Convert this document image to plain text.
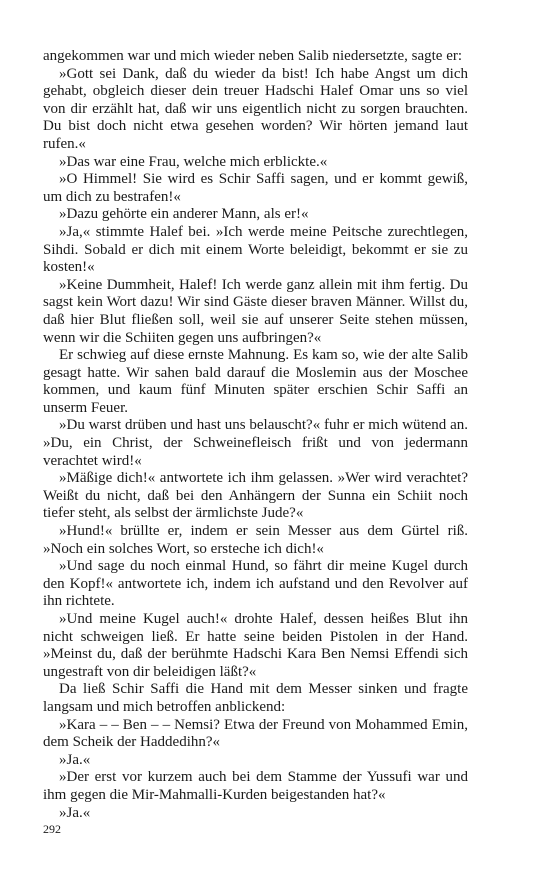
angekommen war und mich wieder neben Salib niedersetzte, sagte er:

»Gott sei Dank, daß du wieder da bist! Ich habe Angst um dich gehabt, obgleich dieser dein treuer Hadschi Halef Omar uns so viel von dir erzählt hat, daß wir uns eigentlich nicht zu sorgen brauchten. Du bist doch nicht etwa gesehen worden? Wir hörten jemand laut rufen.«

»Das war eine Frau, welche mich erblickte.«

»O Himmel! Sie wird es Schir Saffi sagen, und er kommt gewiß, um dich zu bestrafen!«

»Dazu gehörte ein anderer Mann, als er!«

»Ja,« stimmte Halef bei. »Ich werde meine Peitsche zurechtlegen, Sihdi. Sobald er dich mit einem Worte beleidigt, bekommt er sie zu kosten!«

»Keine Dummheit, Halef! Ich werde ganz allein mit ihm fertig. Du sagst kein Wort dazu! Wir sind Gäste dieser braven Männer. Willst du, daß hier Blut fließen soll, weil sie auf unserer Seite stehen müssen, wenn wir die Schiiten gegen uns aufbringen?«

Er schwieg auf diese ernste Mahnung. Es kam so, wie der alte Salib gesagt hatte. Wir sahen bald darauf die Moslemin aus der Moschee kommen, und kaum fünf Minuten später erschien Schir Saffi an unserm Feuer.

»Du warst drüben und hast uns belauscht?« fuhr er mich wütend an. »Du, ein Christ, der Schweinefleisch frißt und von jedermann verachtet wird!«

»Mäßige dich!« antwortete ich ihm gelassen. »Wer wird verachtet? Weißt du nicht, daß bei den Anhängern der Sunna ein Schiit noch tiefer steht, als selbst der ärmlichste Jude?«

»Hund!« brüllte er, indem er sein Messer aus dem Gürtel riß. »Noch ein solches Wort, so ersteche ich dich!«

»Und sage du noch einmal Hund, so fährt dir meine Kugel durch den Kopf!« antwortete ich, indem ich aufstand und den Revolver auf ihn richtete.

»Und meine Kugel auch!« drohte Halef, dessen heißes Blut ihn nicht schweigen ließ. Er hatte seine beiden Pistolen in der Hand. »Meinst du, daß der berühmte Hadschi Kara Ben Nemsi Effendi sich ungestraft von dir beleidigen läßt?«

Da ließ Schir Saffi die Hand mit dem Messer sinken und fragte langsam und mich betroffen anblickend:

»Kara – – Ben – – Nemsi? Etwa der Freund von Mohammed Emin, dem Scheik der Haddedihn?«

»Ja.«

»Der erst vor kurzem auch bei dem Stamme der Yussufi war und ihm gegen die Mir-Mahmalli-Kurden beigestanden hat?«

»Ja.«

292
